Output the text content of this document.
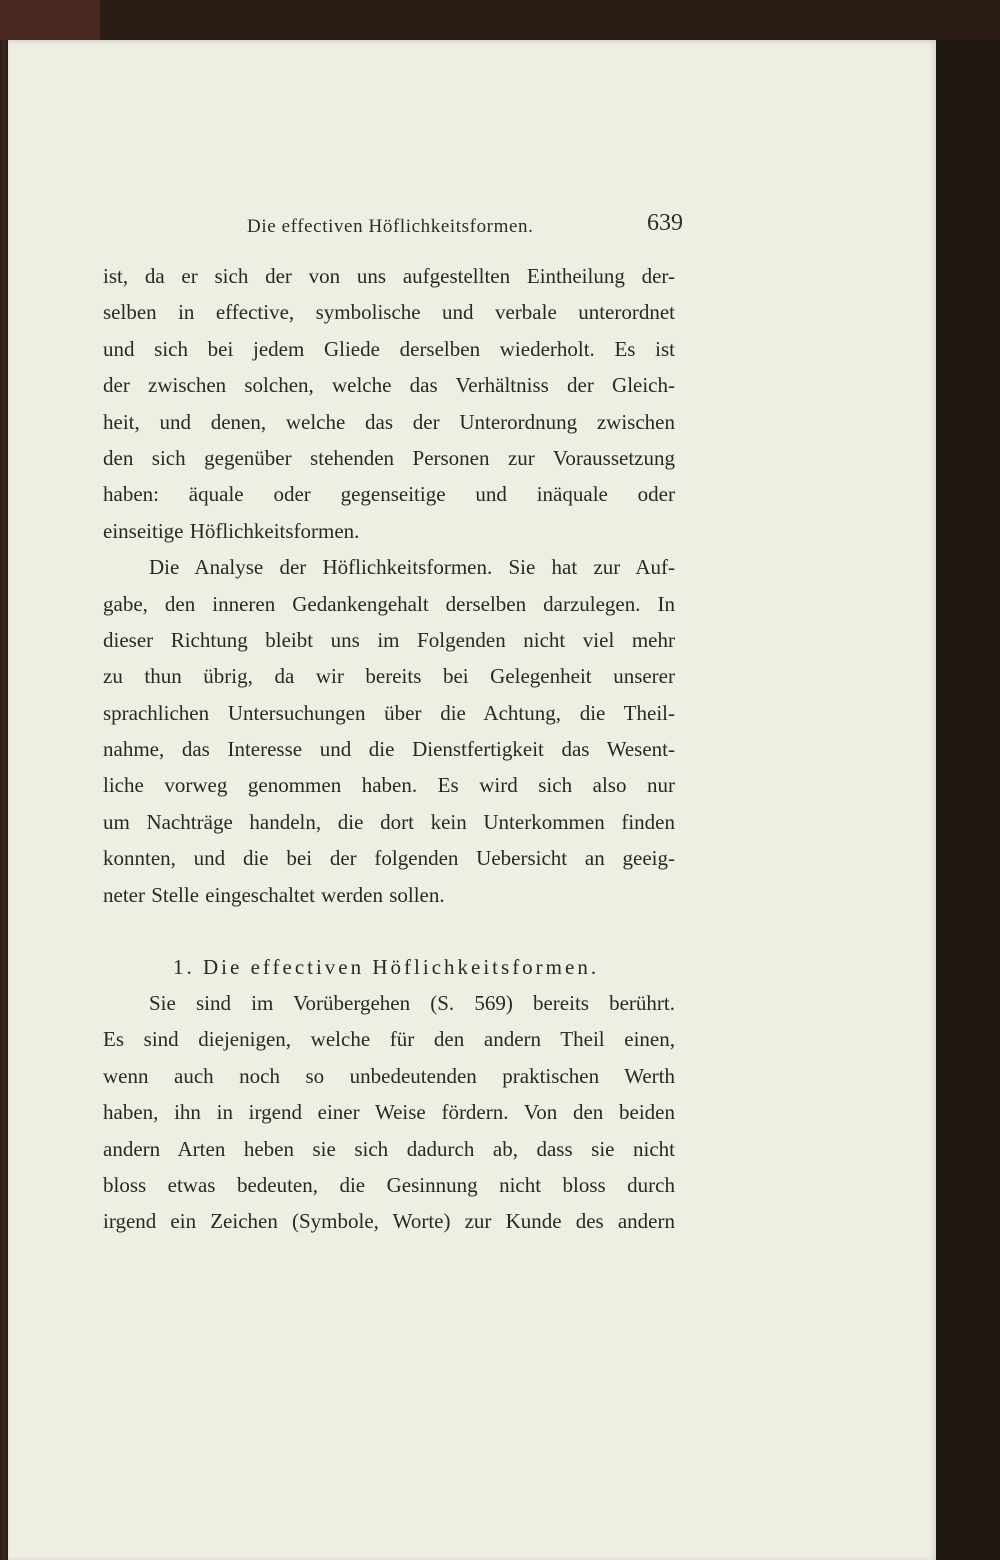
Die effectiven Höflichkeitsformen.	639
ist, da er sich der von uns aufgestellten Eintheilung der-
selben in effective, symbolische und verbale unterordnet
und sich bei jedem Gliede derselben wiederholt. Es ist
der zwischen solchen, welche das Verhältniss der Gleich-
heit, und denen, welche das der Unterordnung zwischen
den sich gegenüber stehenden Personen zur Voraussetzung
haben: äquale oder gegenseitige und inäquale oder
einseitige Höflichkeitsformen.
Die Analyse der Höflichkeitsformen. Sie hat zur Auf-
gabe, den inneren Gedankengehalt derselben darzulegen. In
dieser Richtung bleibt uns im Folgenden nicht viel mehr
zu thun übrig, da wir bereits bei Gelegenheit unserer
sprachlichen Untersuchungen über die Achtung, die Theil-
nahme, das Interesse und die Dienstfertigkeit das Wesent-
liche vorweg genommen haben. Es wird sich also nur
um Nachträge handeln, die dort kein Unterkommen finden
konnten, und die bei der folgenden Uebersicht an geeig-
neter Stelle eingeschaltet werden sollen.
1. Die effectiven Höflichkeitsformen.
Sie sind im Vorübergehen (S. 569) bereits berührt.
Es sind diejenigen, welche für den andern Theil einen,
wenn auch noch so unbedeutenden praktischen Werth
haben, ihn in irgend einer Weise fördern. Von den beiden
andern Arten heben sie sich dadurch ab, dass sie nicht
bloss etwas bedeuten, die Gesinnung nicht bloss durch
irgend ein Zeichen (Symbole, Worte) zur Kunde des andern
